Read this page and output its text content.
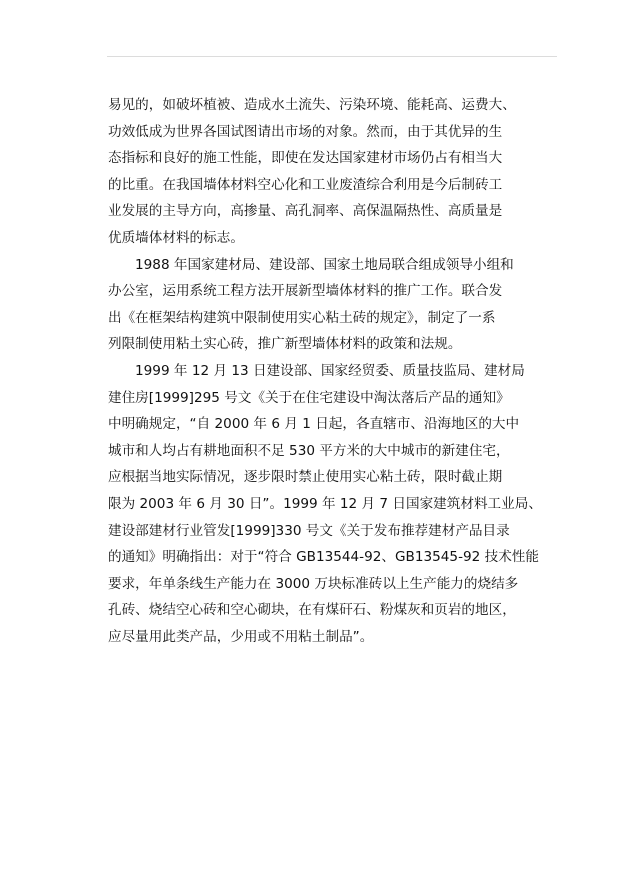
易见的，如破坏植被、造成水土流失、污染环境、能耗高、运费大、
功效低成为世界各国试图请出市场的对象。然而，由于其优异的生
态指标和良好的施工性能，即使在发达国家建材市场仍占有相当大
的比重。在我国墙体材料空心化和工业废渣综合利用是今后制砖工
业发展的主导方向，高掺量、高孔洞率、高保温隔热性、高质量是
优质墙体材料的标志。

1988 年国家建材局、建设部、国家土地局联合组成领导小组和
办公室，运用系统工程方法开展新型墙体材料的推广工作。联合发
出《在框架结构建筑中限制使用实心粘土砖的规定》，制定了一系
列限制使用粘土实心砖，推广新型墙体材料的政策和法规。

1999 年 12 月 13 日建设部、国家经贸委、质量技监局、建材局
建住房[1999]295 号文《关于在住宅建设中淘汰落后产品的通知》
中明确规定，“自 2000 年 6 月 1 日起，各直辖市、沿海地区的大中
城市和人均占有耕地面积不足 530 平方米的大中城市的新建住宅，
应根据当地实际情况，逐步限时禁止使用实心粘土砖，限时截止期
限为 2003 年 6 月 30 日”。1999 年 12 月 7 日国家建筑材料工业局、
建设部建材行业管发[1999]330 号文《关于发布推荐建材产品目录
的通知》明确指出：对于“符合 GB13544-92、GB13545-92 技术性能
要求，年单条线生产能力在 3000 万块标准砖以上生产能力的烧结多
孔砖、烧结空心砖和空心砌块，在有煤矸石、粉煤灰和页岩的地区，
应尽量用此类产品，少用或不用粘土制品”。
